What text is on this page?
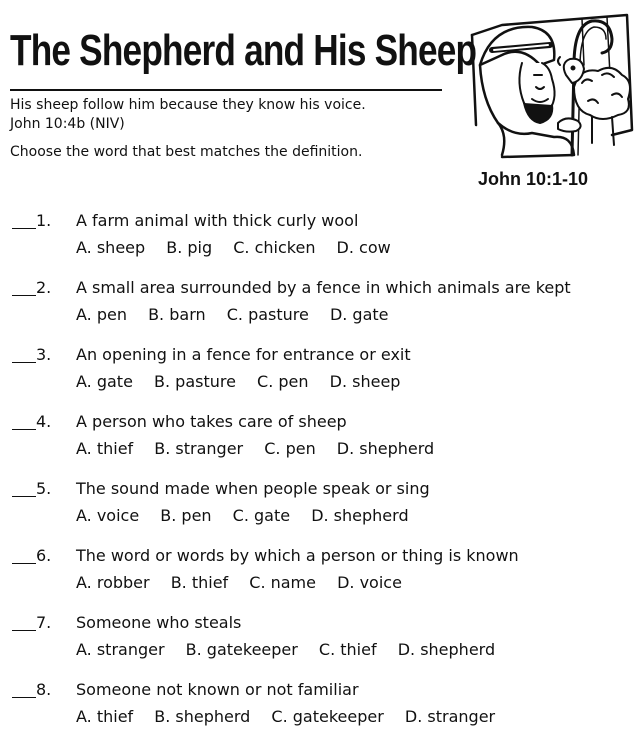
The Shepherd and His Sheep
His sheep follow him because they know his voice.
John 10:4b (NIV)
Choose the word that best matches the definition.
John 10:1-10
1. A farm animal with thick curly wool
A. sheep B. pig C. chicken D. cow
2. A small area surrounded by a fence in which animals are kept
A. pen B. barn C. pasture D. gate
3. An opening in a fence for entrance or exit
A. gate B. pasture C. pen D. sheep
4. A person who takes care of sheep
A. thief B. stranger C. pen D. shepherd
5. The sound made when people speak or sing
A. voice B. pen C. gate D. shepherd
6. The word or words by which a person or thing is known
A. robber B. thief C. name D. voice
7. Someone who steals
A. stranger B. gatekeeper C. thief D. shepherd
8. Someone not known or not familiar
A. thief B. shepherd C. gatekeeper D. stranger
